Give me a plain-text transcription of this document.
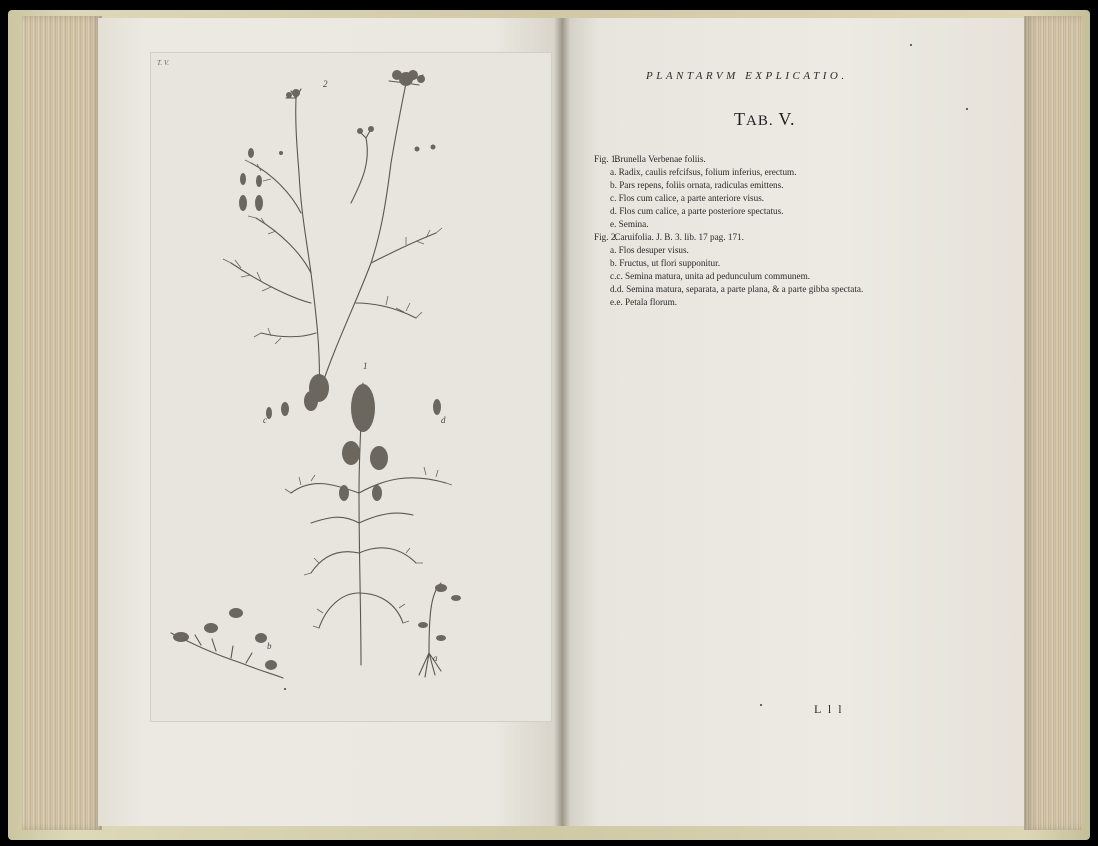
T. V.
2
1
b
a
c	d
PLANTARVM EXPLICATIO.
TAB. V.
Fig. 1. Brunella Verbenae foliis.
a. Radix, caulis refcifsus, folium inferius, erectum.
b. Pars repens, foliis ornata, radiculas emittens.
c. Flos cum calice, a parte anteriore visus.
d. Flos cum calice, a parte posteriore spectatus.
e. Semina.
Fig. 2. Caruifolia. J. B. 3. lib. 17 pag. 171.
a. Flos desuper visus.
b. Fructus, ut flori supponitur.
c.c. Semina matura, unita ad pedunculum communem.
d.d. Semina matura, separata, a parte plana, & a parte gibba spectata.
e.e. Petala florum.
L l l
